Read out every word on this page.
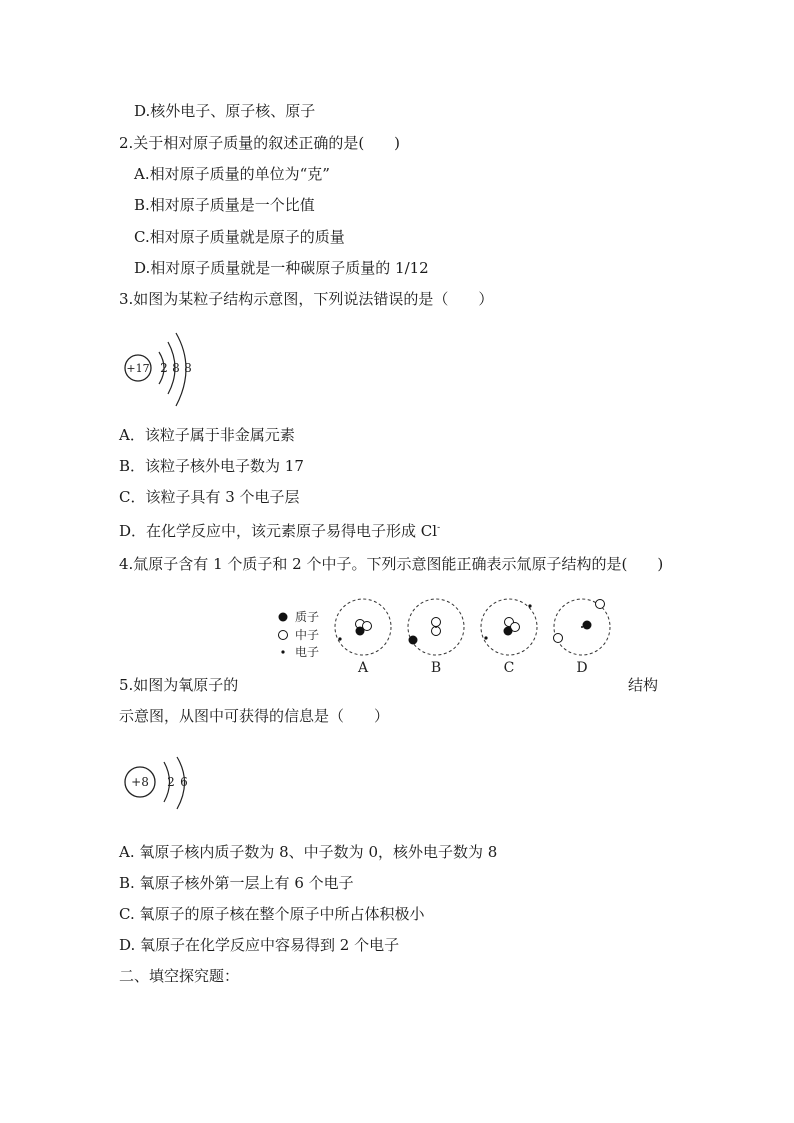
D.核外电子、原子核、原子
2.关于相对原子质量的叙述正确的是(　　)
A.相对原子质量的单位为“克”
B.相对原子质量是一个比值
C.相对原子质量就是原子的质量
D.相对原子质量就是一种碳原子质量的 1/12
3.如图为某粒子结构示意图，下列说法错误的是（　　）
+17 2 8 8
A．该粒子属于非金属元素
B．该粒子核外电子数为 17
C．该粒子具有 3 个电子层
D．在化学反应中，该元素原子易得电子形成 Cl-
4.氚原子含有 1 个质子和 2 个中子。下列示意图能正确表示氚原子结构的是(　　)
质子
中子
电子
A	B	C	D
5.如图为氧原子的	结构
示意图，从图中可获得的信息是（　　）
+8 2 6
A. 氧原子核内质子数为 8、中子数为 0，核外电子数为 8
B. 氧原子核外第一层上有 6 个电子
C. 氧原子的原子核在整个原子中所占体积极小
D. 氧原子在化学反应中容易得到 2 个电子
二、填空探究题：
